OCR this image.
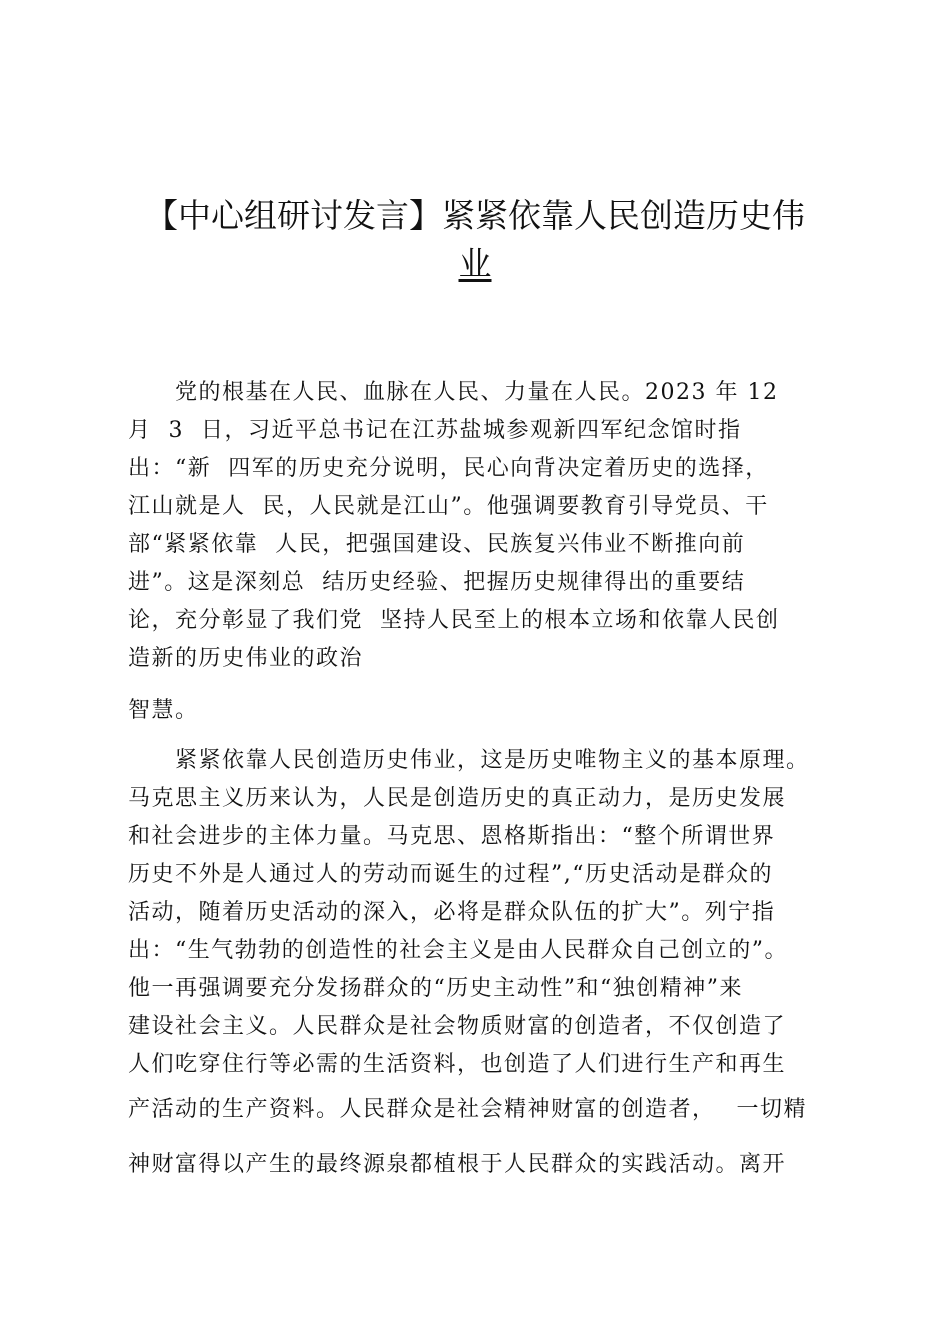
【中心组研讨发言】紧紧依靠人民创造历史伟
业
　　党的根基在人民、血脉在人民、力量在人民。2023 年 12
月  3  日，习近平总书记在江苏盐城参观新四军纪念馆时指
出：“新  四军的历史充分说明，民心向背决定着历史的选择，
江山就是人  民，人民就是江山”。他强调要教育引导党员、干
部“紧紧依靠  人民，把强国建设、民族复兴伟业不断推向前
进”。这是深刻总  结历史经验、把握历史规律得出的重要结
论，充分彰显了我们党  坚持人民至上的根本立场和依靠人民创
造新的历史伟业的政治
智慧。
　　紧紧依靠人民创造历史伟业，这是历史唯物主义的基本原理。
马克思主义历来认为，人民是创造历史的真正动力，是历史发展
和社会进步的主体力量。马克思、恩格斯指出：“整个所谓世界
历史不外是人通过人的劳动而诞生的过程”,“历史活动是群众的
活动，随着历史活动的深入，必将是群众队伍的扩大”。列宁指
出：“生气勃勃的创造性的社会主义是由人民群众自己创立的”。
他一再强调要充分发扬群众的“历史主动性”和“独创精神”来
建设社会主义。人民群众是社会物质财富的创造者，不仅创造了
人们吃穿住行等必需的生活资料，也创造了人们进行生产和再生
产活动的生产资料。人民群众是社会精神财富的创造者，　 一切精
神财富得以产生的最终源泉都植根于人民群众的实践活动。离开
